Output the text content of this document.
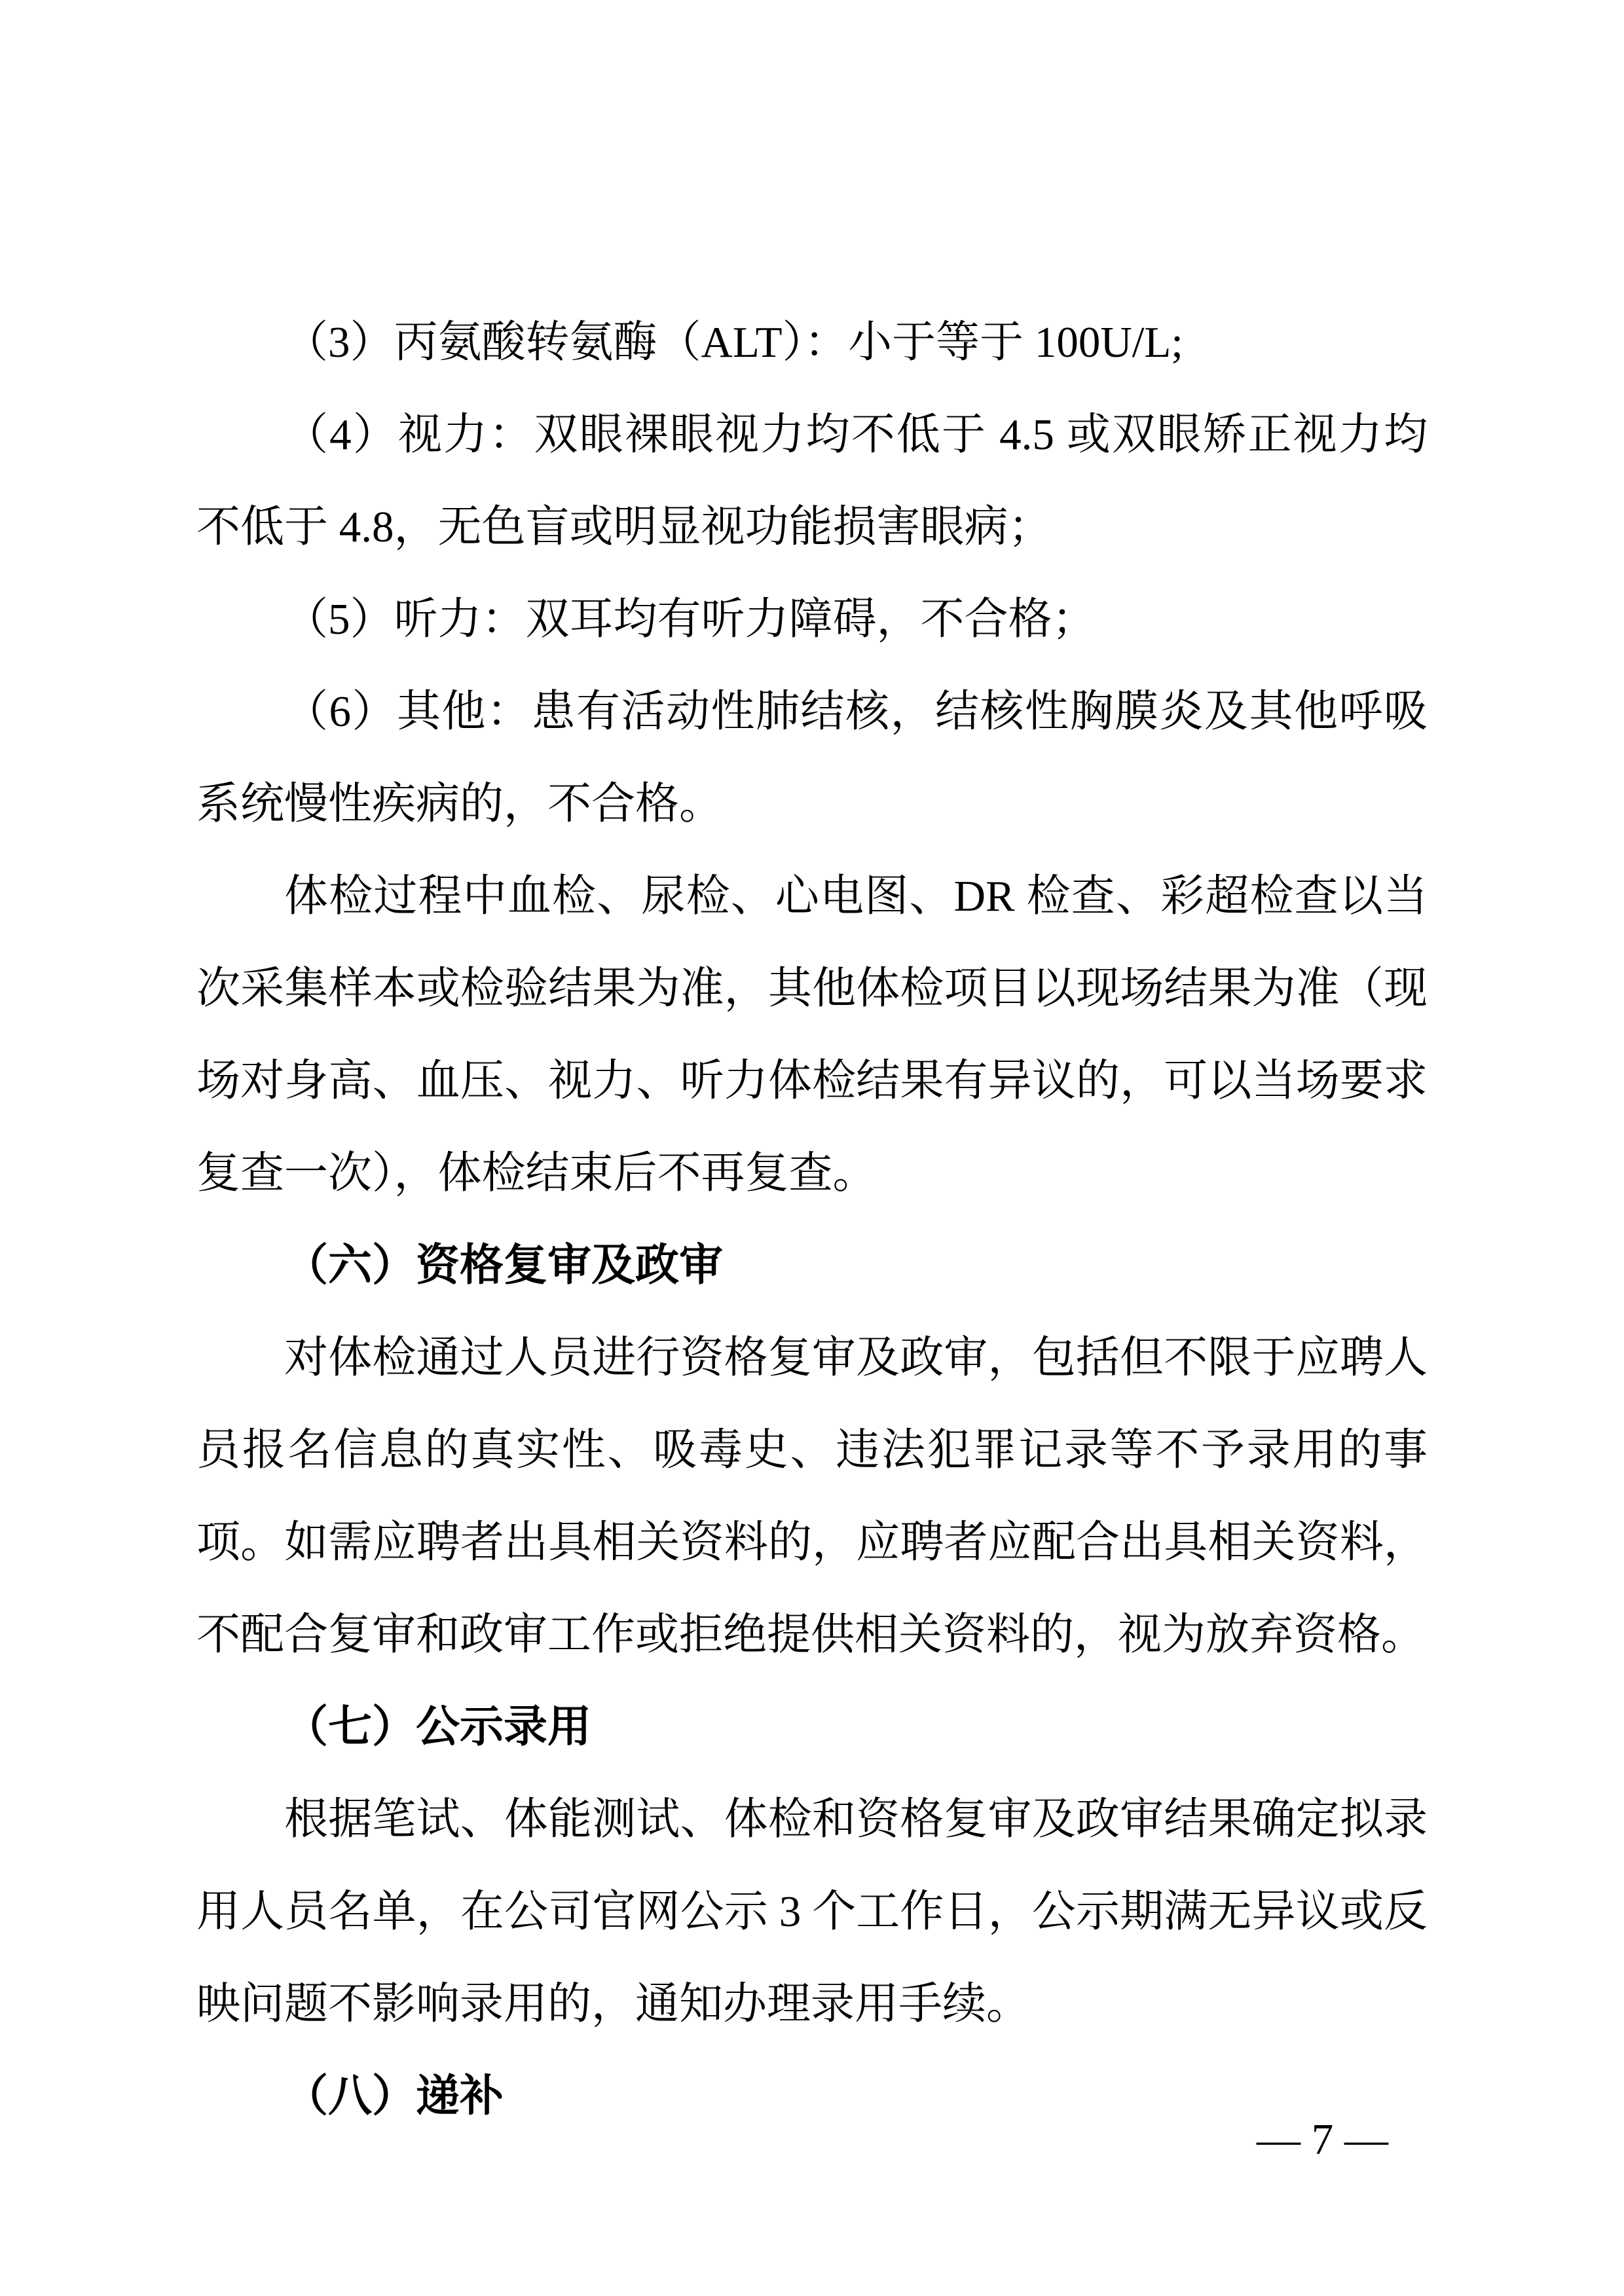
（3）丙氨酸转氨酶（ALT）：小于等于 100U/L;

（4）视力：双眼裸眼视力均不低于 4.5 或双眼矫正视力均不低于 4.8，无色盲或明显视功能损害眼病；

（5）听力：双耳均有听力障碍，不合格；

（6）其他：患有活动性肺结核，结核性胸膜炎及其他呼吸系统慢性疾病的，不合格。

体检过程中血检、尿检、心电图、DR 检查、彩超检查以当次采集样本或检验结果为准，其他体检项目以现场结果为准（现场对身高、血压、视力、听力体检结果有异议的，可以当场要求复查一次），体检结束后不再复查。

（六）资格复审及政审

对体检通过人员进行资格复审及政审，包括但不限于应聘人员报名信息的真实性、吸毒史、违法犯罪记录等不予录用的事项。如需应聘者出具相关资料的，应聘者应配合出具相关资料，不配合复审和政审工作或拒绝提供相关资料的，视为放弃资格。

（七）公示录用

根据笔试、体能测试、体检和资格复审及政审结果确定拟录用人员名单，在公司官网公示 3 个工作日，公示期满无异议或反映问题不影响录用的，通知办理录用手续。

（八）递补

— 7 —
